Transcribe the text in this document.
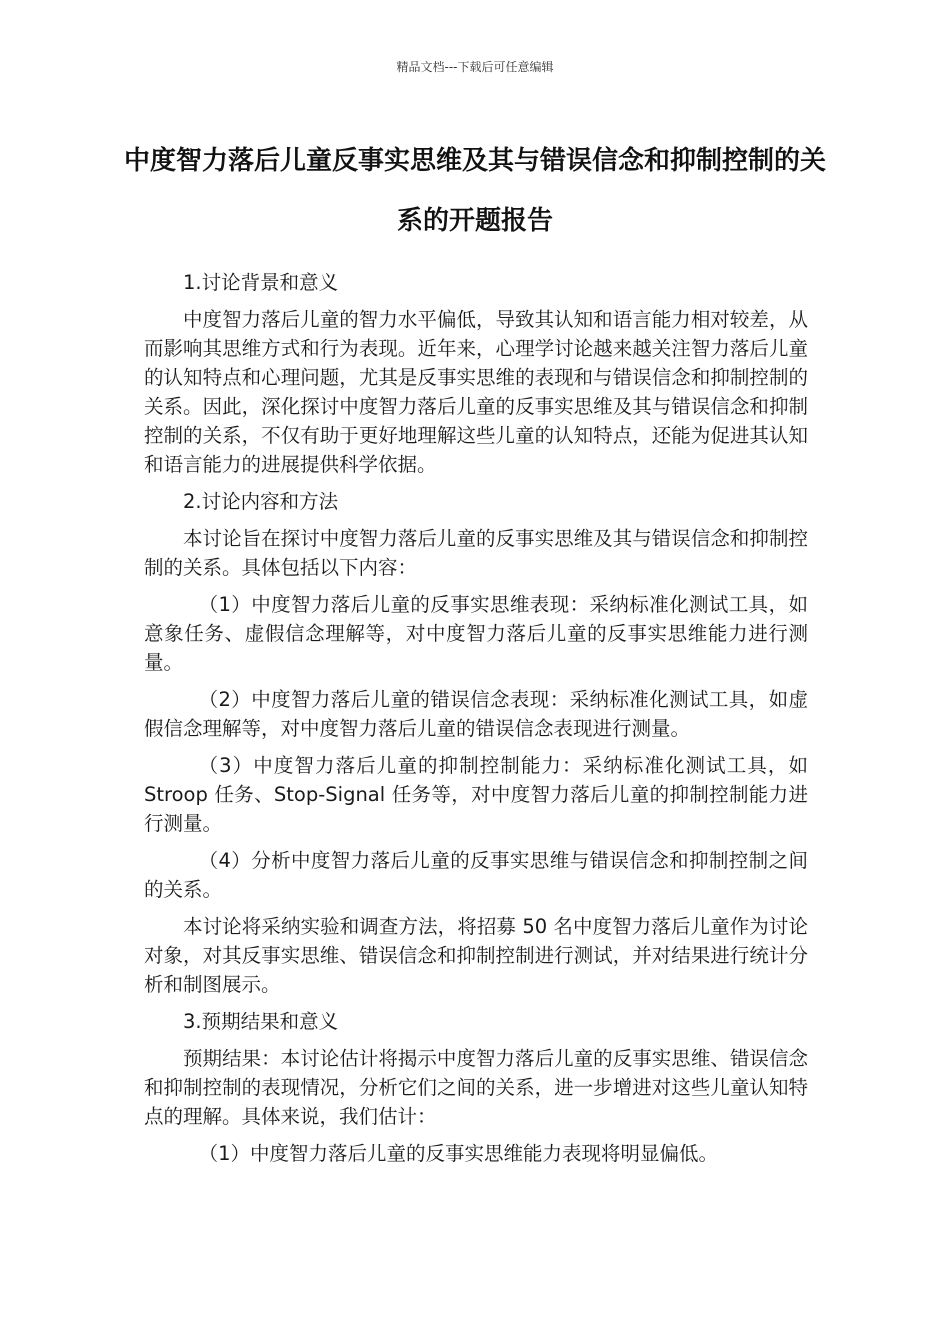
精品文档---下载后可任意编辑
中度智力落后儿童反事实思维及其与错误信念和抑制控制的关系的开题报告

1.讨论背景和意义

中度智力落后儿童的智力水平偏低，导致其认知和语言能力相对较差，从而影响其思维方式和行为表现。近年来，心理学讨论越来越关注智力落后儿童的认知特点和心理问题，尤其是反事实思维的表现和与错误信念和抑制控制的关系。因此，深化探讨中度智力落后儿童的反事实思维及其与错误信念和抑制控制的关系，不仅有助于更好地理解这些儿童的认知特点，还能为促进其认知和语言能力的进展提供科学依据。

2.讨论内容和方法

本讨论旨在探讨中度智力落后儿童的反事实思维及其与错误信念和抑制控制的关系。具体包括以下内容：

（1）中度智力落后儿童的反事实思维表现：采纳标准化测试工具，如意象任务、虚假信念理解等，对中度智力落后儿童的反事实思维能力进行测量。

（2）中度智力落后儿童的错误信念表现：采纳标准化测试工具，如虚假信念理解等，对中度智力落后儿童的错误信念表现进行测量。

（3）中度智力落后儿童的抑制控制能力：采纳标准化测试工具，如 Stroop 任务、Stop-Signal 任务等，对中度智力落后儿童的抑制控制能力进行测量。

（4）分析中度智力落后儿童的反事实思维与错误信念和抑制控制之间的关系。

本讨论将采纳实验和调查方法，将招募 50 名中度智力落后儿童作为讨论对象，对其反事实思维、错误信念和抑制控制进行测试，并对结果进行统计分析和制图展示。

3.预期结果和意义

预期结果：本讨论估计将揭示中度智力落后儿童的反事实思维、错误信念和抑制控制的表现情况，分析它们之间的关系，进一步增进对这些儿童认知特点的理解。具体来说，我们估计：

（1）中度智力落后儿童的反事实思维能力表现将明显偏低。
